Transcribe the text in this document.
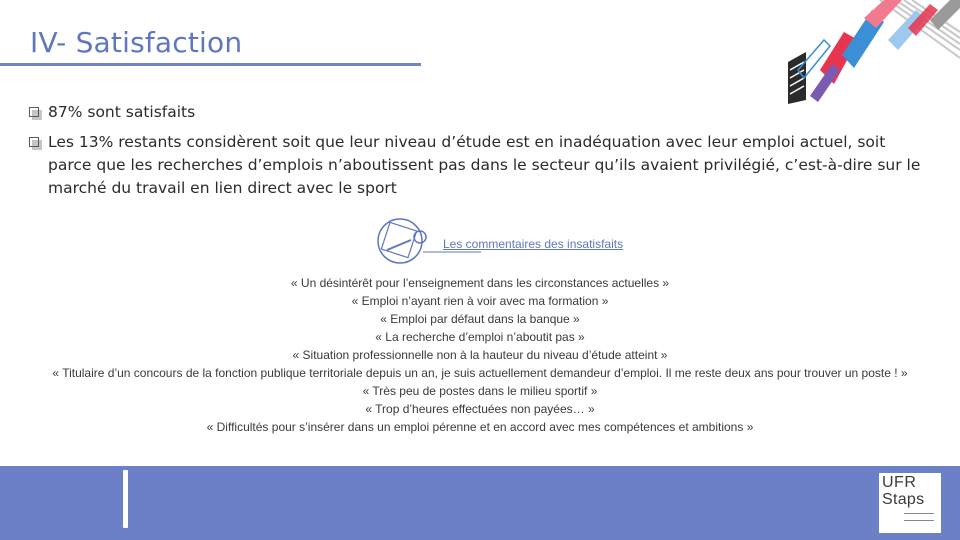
IV- Satisfaction

87% sont satisfaits

Les 13% restants considèrent soit que leur niveau d’étude est en inadéquation avec leur emploi actuel, soit parce que les recherches d’emplois n’aboutissent pas dans le secteur qu’ils avaient privilégié, c’est-à-dire sur le marché du travail en lien direct avec le sport

Les commentaires des insatisfaits

« Un désintérêt pour l’enseignement dans les circonstances actuelles »

« Emploi n’ayant rien à voir avec ma formation »

« Emploi par défaut dans la banque »

« La recherche d’emploi n’aboutit pas »

« Situation professionnelle non à la hauteur du niveau d’étude atteint »

« Titulaire d’un concours de la fonction publique territoriale depuis un an, je suis actuellement demandeur d’emploi. Il me reste deux ans pour trouver un poste ! »

« Très peu de postes dans le milieu sportif »

« Trop d’heures effectuées non payées… »

« Difficultés pour s’insérer dans un emploi pérenne et en accord avec mes compétences et ambitions »

UFR
Staps
